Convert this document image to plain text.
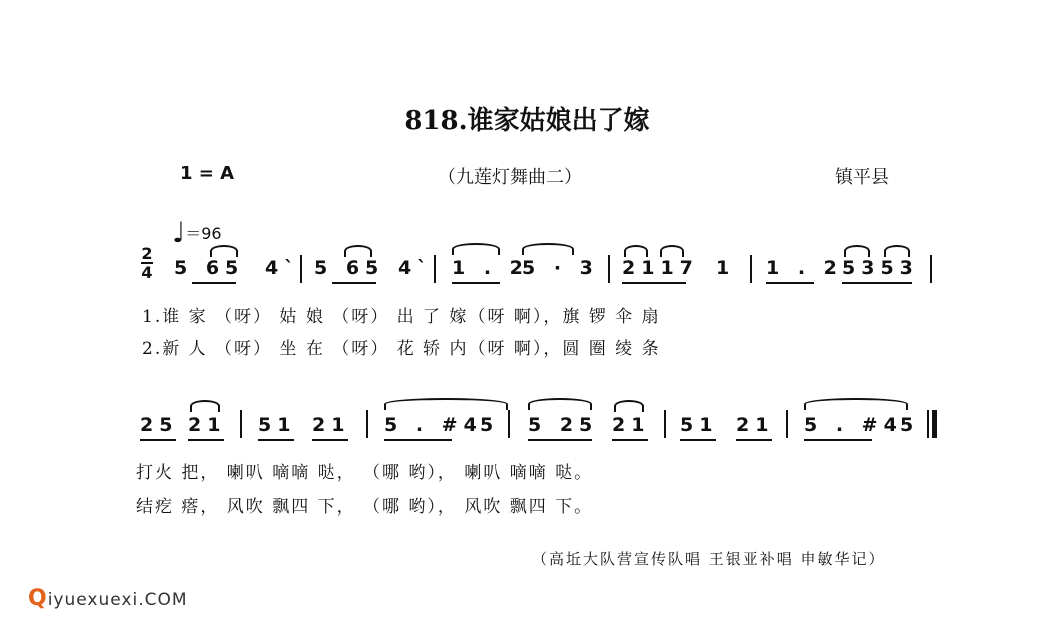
818.谁家姑娘出了嫁
1 = A	（九莲灯舞曲二）	镇平县
♩＝96
2
4 5 65 4ˋ 5 65 4ˋ 1 . 2
5 · 3 2117 1 1 . 2 5353
1.谁 家 （呀） 姑 娘 （呀） 出 了 嫁（呀 啊），旗 锣 伞 扇
2.新 人 （呀） 坐 在 （呀） 花 轿 内（呀 啊），圆 圈 绫 条
25 21 51 21 5 . #4
5 5 25 21 51 21 5 . #4
5
打火 把， 喇叭 嘀嘀 哒， （哪 哟）， 喇叭 嘀嘀 哒。
结疙 瘩， 风吹 飘四 下， （哪 哟）， 风吹 飘四 下。
（高坵大队营宣传队唱 王银亚补唱 申敏华记）
Qiyuexuexi.COM
